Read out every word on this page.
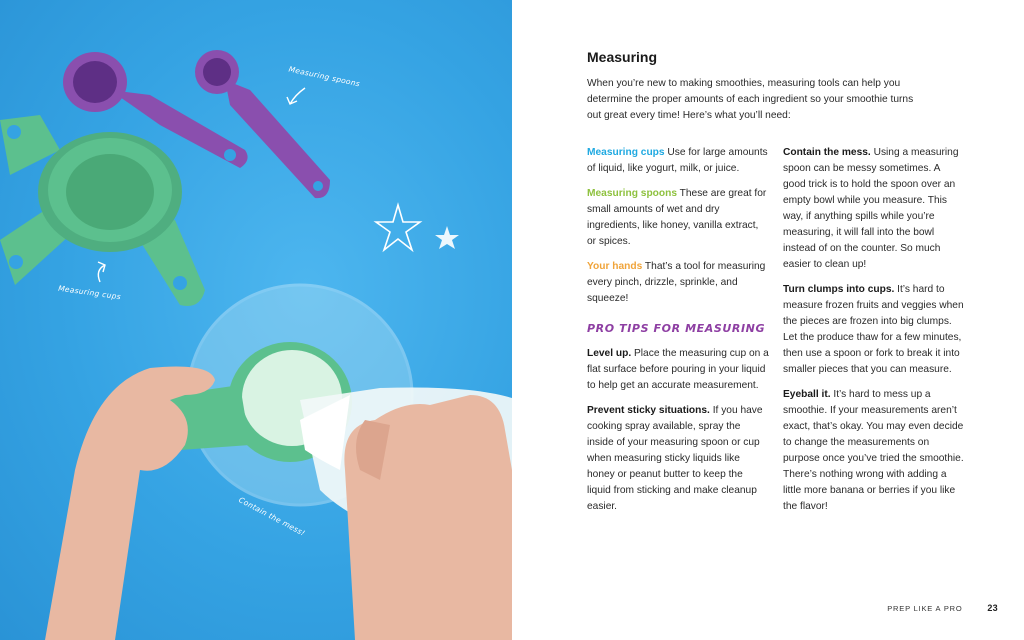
Measuring spoons
Measuring cups
Contain the mess!
Measuring

When you’re new to making smoothies, measuring tools can help you determine the proper amounts of each ingredient so your smoothie turns out great every time! Here’s what you’ll need:

Measuring cups Use for large amounts of liquid, like yogurt, milk, or juice.

Measuring spoons These are great for small amounts of wet and dry ingredients, like honey, vanilla extract, or spices.

Your hands That’s a tool for measuring every pinch, drizzle, sprinkle, and squeeze!

PRO TIPS FOR MEASURING

Level up. Place the measuring cup on a flat surface before pouring in your liquid to help get an accurate measurement.

Prevent sticky situations. If you have cooking spray available, spray the inside of your measuring spoon or cup when measuring sticky liquids like honey or peanut butter to keep the liquid from sticking and make cleanup easier.

Contain the mess. Using a measuring spoon can be messy sometimes. A good trick is to hold the spoon over an empty bowl while you measure. This way, if anything spills while you’re measuring, it will fall into the bowl instead of on the counter. So much easier to clean up!

Turn clumps into cups. It’s hard to measure frozen fruits and veggies when the pieces are frozen into big clumps. Let the produce thaw for a few minutes, then use a spoon or fork to break it into smaller pieces that you can measure.

Eyeball it. It’s hard to mess up a smoothie. If your measurements aren’t exact, that’s okay. You may even decide to change the measurements on purpose once you’ve tried the smoothie. There’s nothing wrong with adding a little more banana or berries if you like the flavor!

PREP LIKE A PRO	23
